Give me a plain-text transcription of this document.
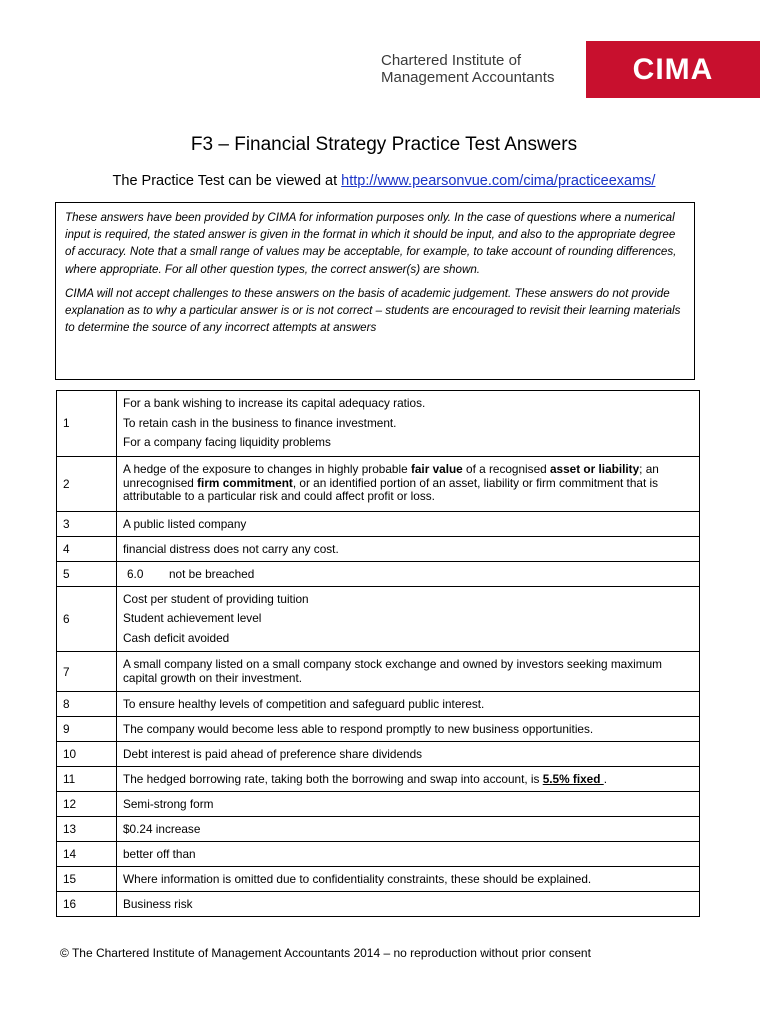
Chartered Institute of
Management Accountants	CIMA
F3 – Financial Strategy Practice Test Answers
The Practice Test can be viewed at http://www.pearsonvue.com/cima/practiceexams/

These answers have been provided by CIMA for information purposes only. In the case of questions where a numerical input is required, the stated answer is given in the format in which it should be input, and also to the appropriate degree of accuracy. Note that a small range of values may be acceptable, for example, to take account of rounding differences, where appropriate. For all other question types, the correct answer(s) are shown.

CIMA will not accept challenges to these answers on the basis of academic judgement. These answers do not provide explanation as to why a particular answer is or is not correct – students are encouraged to revisit their learning materials to determine the source of any incorrect attempts at answers

1	For a bank wishing to increase its capital adequacy ratios.
To retain cash in the business to finance investment.
For a company facing liquidity problems

2	A hedge of the exposure to changes in highly probable fair value of a recognised asset or liability; an unrecognised firm commitment, or an identified portion of an asset, liability or firm commitment that is attributable to a particular risk and could affect profit or loss.

3	A public listed company
4	financial distress does not carry any cost.
5	6.0 not be breached
6	Cost per student of providing tuition
Student achievement level
Cash deficit avoided

7	A small company listed on a small company stock exchange and owned by investors seeking maximum capital growth on their investment.

8	To ensure healthy levels of competition and safeguard public interest.
9	The company would become less able to respond promptly to new business opportunities.
10	Debt interest is paid ahead of preference share dividends
11	The hedged borrowing rate, taking both the borrowing and swap into account, is 5.5% fixed .
12	Semi-strong form
13	$0.24 increase
14	better off than
15	Where information is omitted due to confidentiality constraints, these should be explained.
16	Business risk
© The Chartered Institute of Management Accountants 2014 – no reproduction without prior consent
